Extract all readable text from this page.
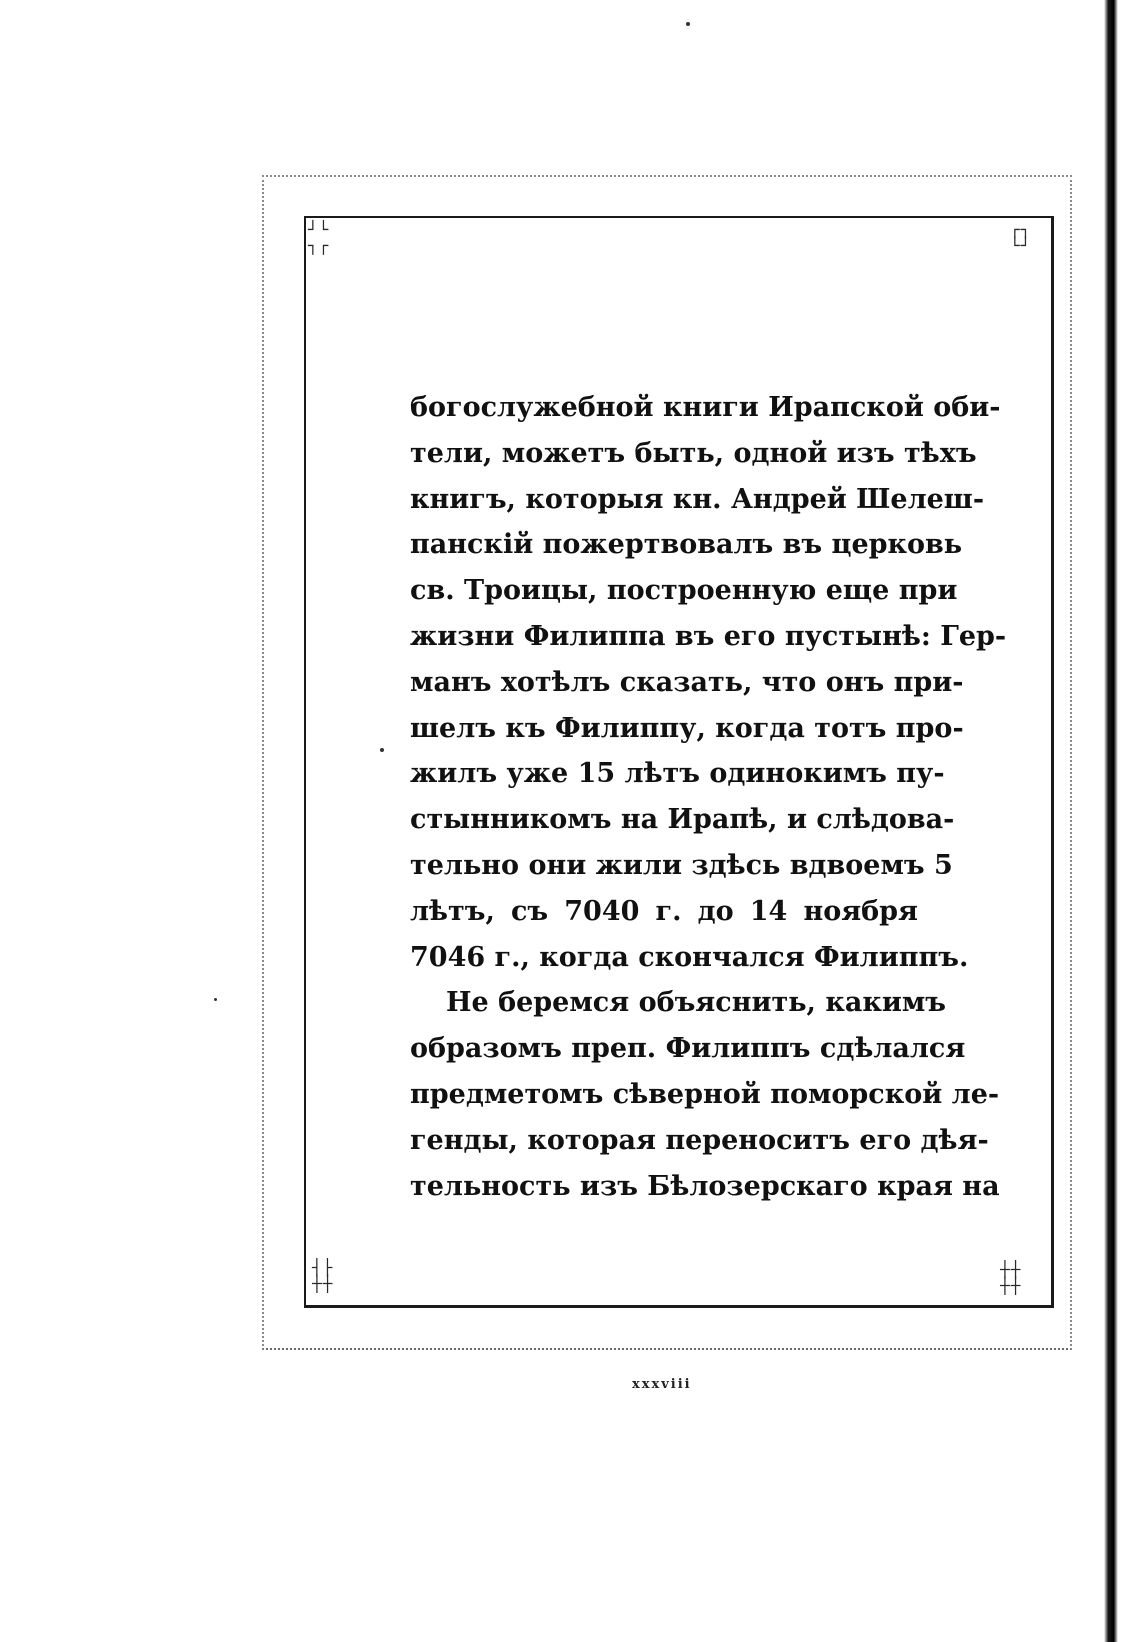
┘└
┐┌
┌┐
└┘
┤├
┼┼
┼┼
┼┼
богослужебной книги Ирапской оби-
тели, можетъ быть, одной изъ тѣхъ
книгъ, которыя кн. Андрей Шелеш-
панскій пожертвовалъ въ церковь
св. Троицы, построенную еще при
жизни Филиппа въ его пустынѣ: Гер-
манъ хотѣлъ сказать, что онъ при-
шелъ къ Филиппу, когда тотъ про-
жилъ уже 15 лѣтъ одинокимъ пу-
стынникомъ на Ирапѣ, и слѣдова-
тельно они жили здѣсь вдвоемъ 5
лѣтъ, съ 7040 г. до 14 ноября
7046 г., когда скончался Филиппъ.
Не беремся объяснить, какимъ
образомъ преп. Филиппъ сдѣлался
предметомъ сѣверной поморской ле-
генды, которая переноситъ его дѣя-
тельность изъ Бѣлозерскаго края на
xxxviii
